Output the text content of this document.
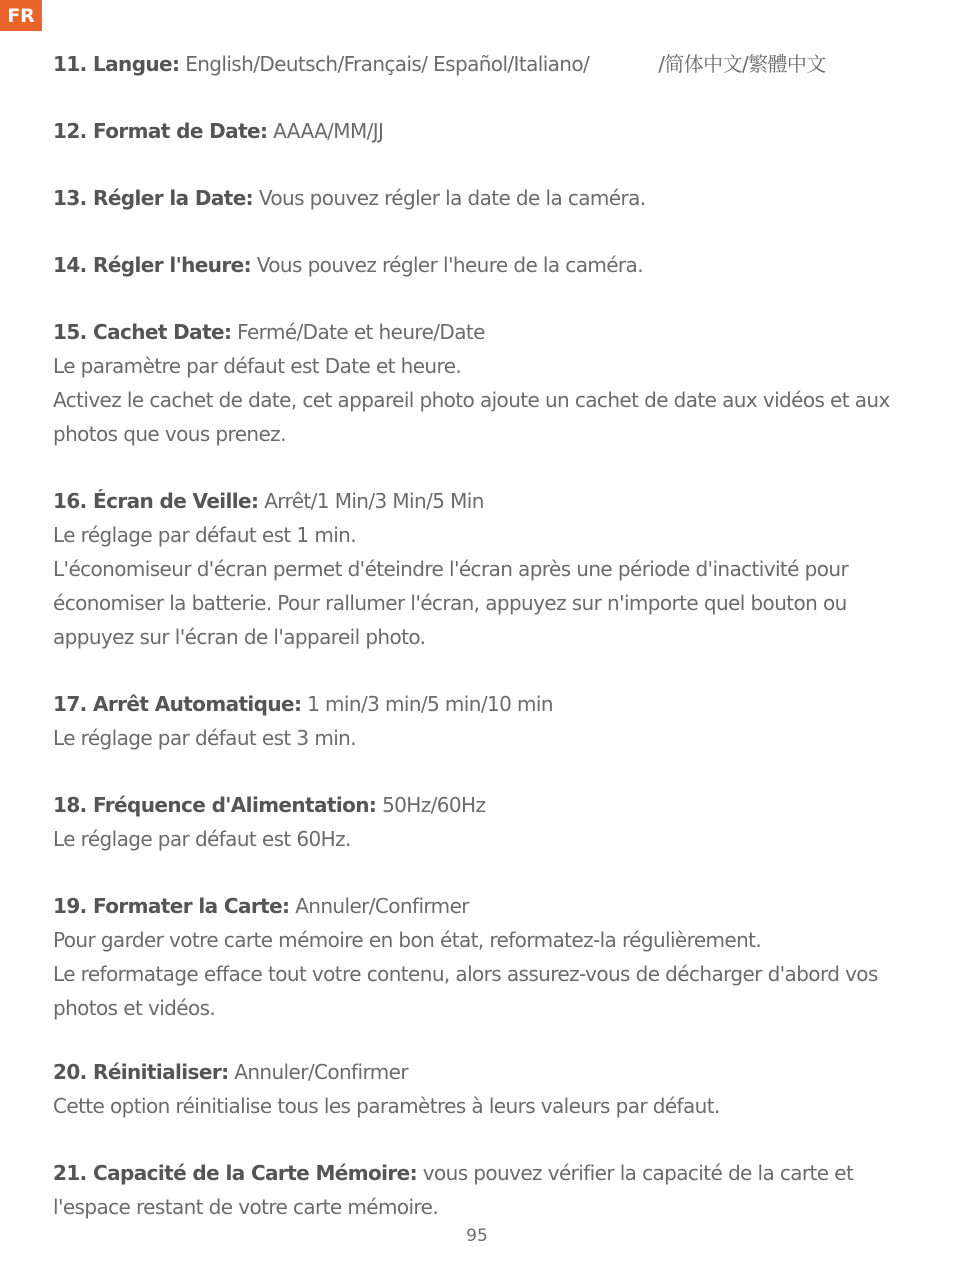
FR
11. Langue: English/Deutsch/Français/ Español/Italiano/            /简体中文/繁體中文
12. Format de Date: AAAA/MM/JJ
13. Régler la Date: Vous pouvez régler la date de la caméra.
14. Régler l'heure: Vous pouvez régler l'heure de la caméra.
15. Cachet Date: Fermé/Date et heure/Date
Le paramètre par défaut est Date et heure.
Activez le cachet de date, cet appareil photo ajoute un cachet de date aux vidéos et aux photos que vous prenez.
16. Écran de Veille: Arrêt/1 Min/3 Min/5 Min
Le réglage par défaut est 1 min.
L'économiseur d'écran permet d'éteindre l'écran après une période d'inactivité pour économiser la batterie. Pour rallumer l'écran, appuyez sur n'importe quel bouton ou appuyez sur l'écran de l'appareil photo.
17. Arrêt Automatique: 1 min/3 min/5 min/10 min
Le réglage par défaut est 3 min.
18. Fréquence d'Alimentation: 50Hz/60Hz
Le réglage par défaut est 60Hz.
19. Formater la Carte: Annuler/Confirmer
Pour garder votre carte mémoire en bon état, reformatez-la régulièrement.
Le reformatage efface tout votre contenu, alors assurez-vous de décharger d'abord vos photos et vidéos.
20. Réinitialiser: Annuler/Confirmer
Cette option réinitialise tous les paramètres à leurs valeurs par défaut.
21. Capacité de la Carte Mémoire: vous pouvez vérifier la capacité de la carte et l'espace restant de votre carte mémoire.
95
